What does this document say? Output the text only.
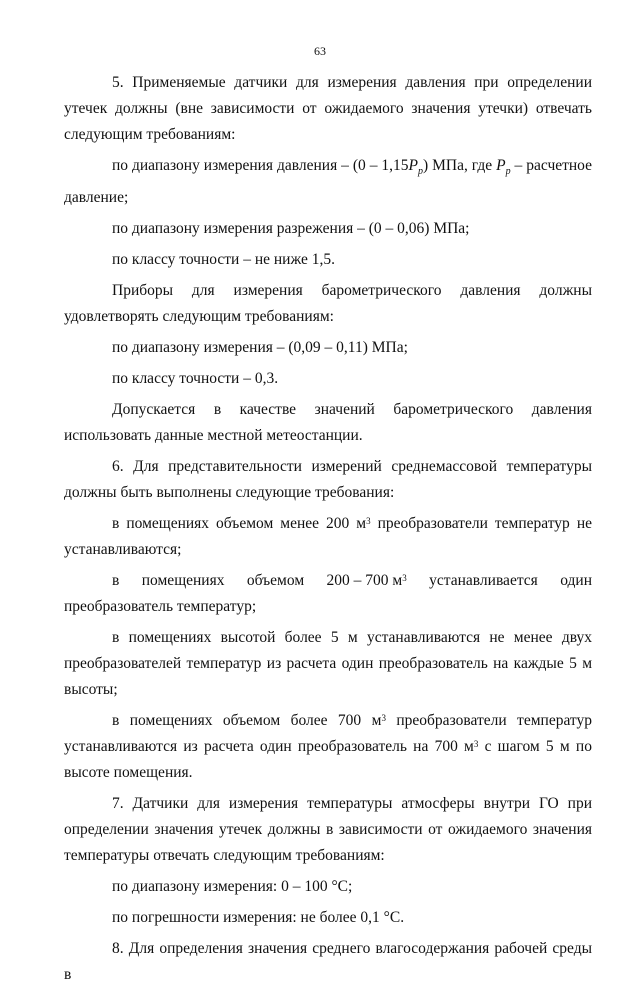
63

5. Применяемые датчики для измерения давления при определении утечек должны (вне зависимости от ожидаемого значения утечки) отвечать следующим требованиям:

по диапазону измерения давления – $(0 - 1,15P_p)$ МПа, где $P_p$ – расчетное давление;

по диапазону измерения разрежения – (0 – 0,06) МПа;

по классу точности – не ниже 1,5.

Приборы для измерения барометрического давления должны

удовлетворять следующим требованиям:

по диапазону измерения – (0,09 – 0,11) МПа;

по классу точности – 0,3.

Допускается в качестве значений барометрического давления

использовать данные местной метеостанции.

6. Для представительности измерений среднемассовой температуры должны быть выполнены следующие требования:

в помещениях объемом менее 200 $м^3$ преобразователи температур не устанавливаются;

в помещениях объемом 200 – 700 $м^3$ устанавливается один

преобразователь температур;

в помещениях высотой более 5 м устанавливаются не менее двух преобразователей температур из расчета один преобразователь на каждые 5 м высоты;

в помещениях объемом более 700 $м^3$ преобразователи температур устанавливаются из расчета один преобразователь на 700 $м^3$ с шагом 5 м по высоте помещения.

7. Датчики для измерения температуры атмосферы внутри ГО при определении значения утечек должны в зависимости от ожидаемого значения температуры отвечать следующим требованиям:

по диапазону измерения: 0 – 100 °С;

по погрешности измерения: не более 0,1 °С.

8. Для определения значения среднего влагосодержания рабочей среды в
